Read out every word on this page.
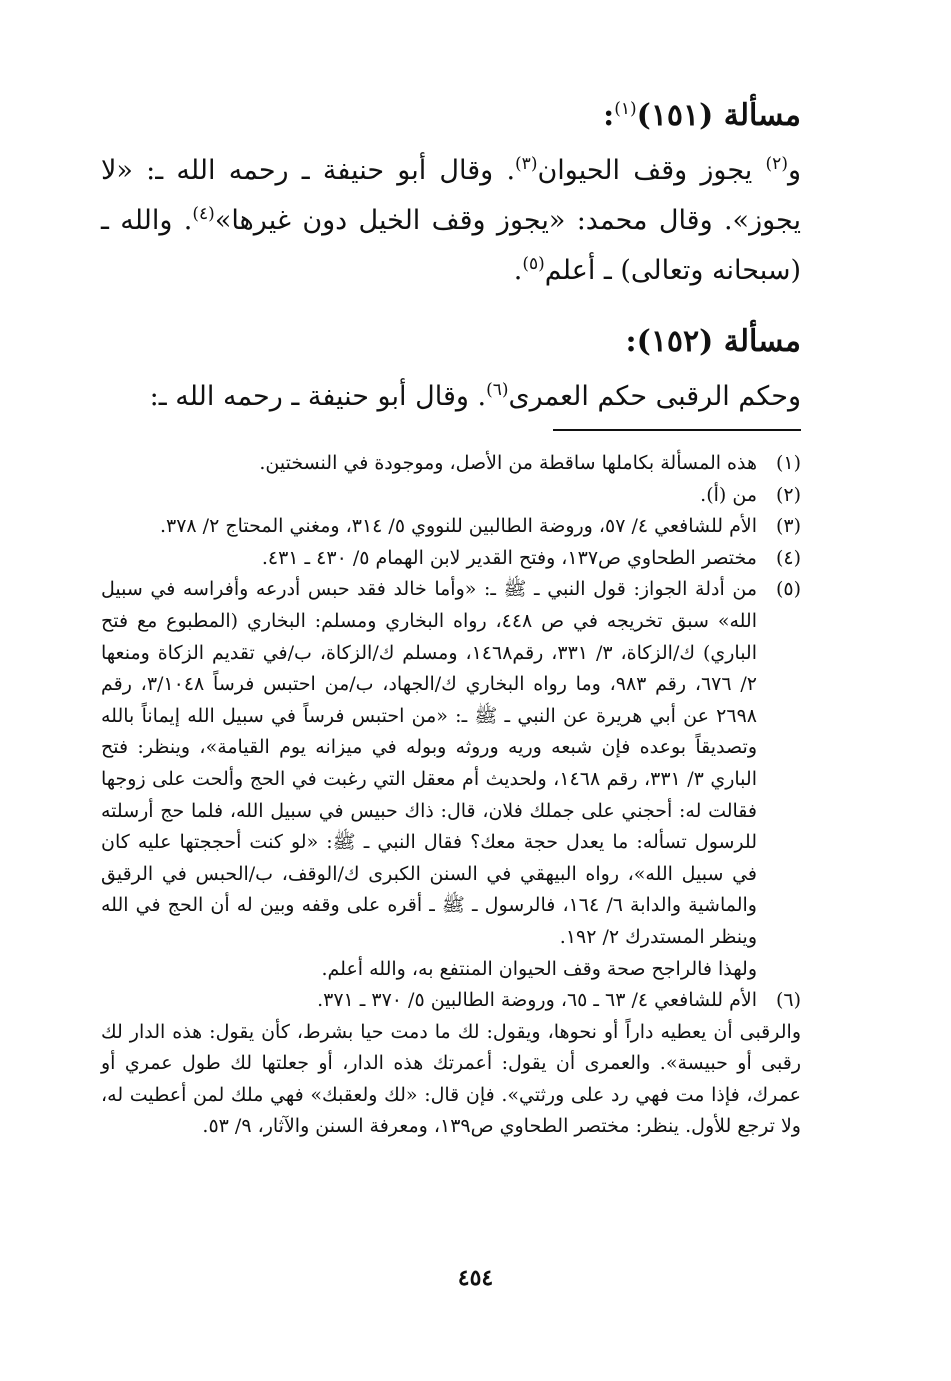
مسألة (١٥١)$^{(١)}$:

و$^{(٢)}$ يجوز وقف الحيوان$^{(٣)}$. وقال أبو حنيفة ـ رحمه الله ـ: «لا يجوز». وقال محمد: «يجوز وقف الخيل دون غيرها»$^{(٤)}$. والله ـ (سبحانه وتعالى) ـ أعلم$^{(٥)}$.

مسألة (١٥٢):

وحكم الرقبى حكم العمرى$^{(٦)}$. وقال أبو حنيفة ـ رحمه الله ـ:

(١)
هذه المسألة بكاملها ساقطة من الأصل، وموجودة في النسختين.
(٢)
من (أ).
(٣)
الأم للشافعي ٤/ ٥٧، وروضة الطالبين للنووي ٥/ ٣١٤، ومغني المحتاج ٢/ ٣٧٨.
(٤)
مختصر الطحاوي ص١٣٧، وفتح القدير لابن الهمام ٥/ ٤٣٠ ـ ٤٣١.
(٥)
من أدلة الجواز: قول النبي ـ ﷺ ـ: «وأما خالد فقد حبس أدرعه وأفراسه في سبيل الله» سبق تخريجه في ص ٤٤٨، رواه البخاري ومسلم: البخاري (المطبوع مع فتح الباري) ك/الزكاة، ٣/ ٣٣١، رقم١٤٦٨، ومسلم ك/الزكاة، ب/في تقديم الزكاة ومنعها ٢/ ٦٧٦، رقم ٩٨٣، وما رواه البخاري ك/الجهاد، ب/من احتبس فرساً ٣/١٠٤٨، رقم ٢٦٩٨ عن أبي هريرة عن النبي ـ ﷺ ـ: «من احتبس فرساً في سبيل الله إيماناً بالله وتصديقاً بوعده فإن شبعه وريه وروثه وبوله في ميزانه يوم القيامة»، وينظر: فتح الباري ٣/ ٣٣١، رقم ١٤٦٨، ولحديث أم معقل التي رغبت في الحج وألحت على زوجها فقالت له: أحجني على جملك فلان، قال: ذاك حبيس في سبيل الله، فلما حج أرسلته للرسول تسأله: ما يعدل حجة معك؟ فقال النبي ـ ﷺ: «لو كنت أحججتها عليه كان في سبيل الله»، رواه البيهقي في السنن الكبرى ك/الوقف، ب/الحبس في الرقيق والماشية والدابة ٦/ ١٦٤، فالرسول ـ ﷺ ـ أقره على وقفه وبين له أن الحج في الله وينظر المستدرك ٢/ ١٩٢.
ولهذا فالراجح صحة وقف الحيوان المنتفع به، والله أعلم.
(٦)
الأم للشافعي ٤/ ٦٣ ـ ٦٥، وروضة الطالبين ٥/ ٣٧٠ ـ ٣٧١.
والرقبى أن يعطيه داراً أو نحوها، ويقول: لك ما دمت حيا بشرط، كأن يقول: هذه الدار لك رقبى أو حبيسة». والعمرى أن يقول: أعمرتك هذه الدار، أو جعلتها لك طول عمري أو عمرك، فإذا مت فهي رد على ورثتي». فإن قال: «لك ولعقبك» فهي ملك لمن أعطيت له، ولا ترجع للأول. ينظر: مختصر الطحاوي ص١٣٩، ومعرفة السنن والآثار، ٩/ ٥٣.
٤٥٤
